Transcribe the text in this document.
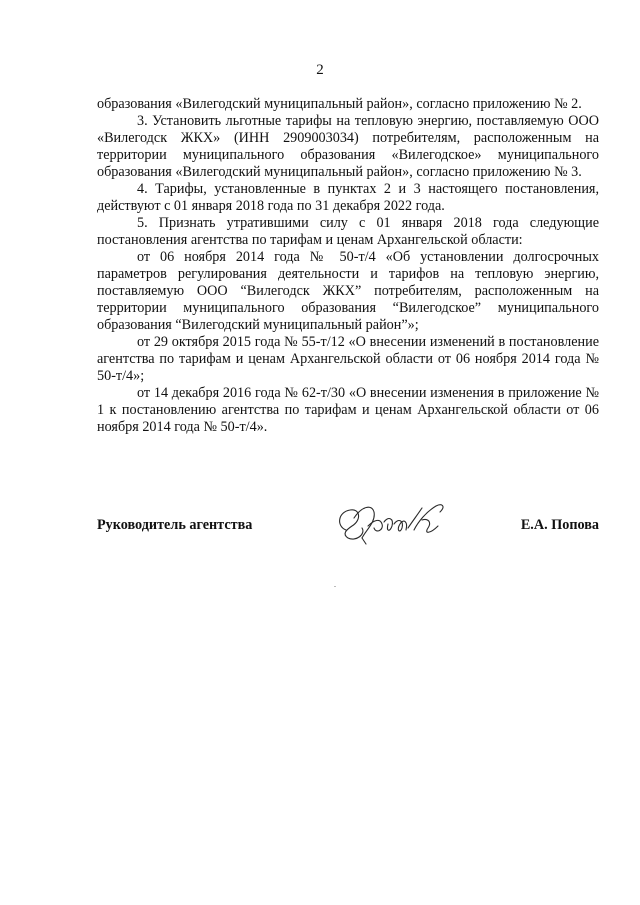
2

образования «Вилегодский муниципальный район», согласно приложению № 2.

3. Установить льготные тарифы на тепловую энергию, поставляемую ООО «Вилегодск ЖКХ» (ИНН 2909003034) потребителям, расположенным на территории муниципального образования «Вилегодское» муниципального образования «Вилегодский муниципальный район», согласно приложению № 3.

4. Тарифы, установленные в пунктах 2 и 3 настоящего постановления, действуют с 01 января 2018 года по 31 декабря 2022 года.

5. Признать утратившими силу с 01 января 2018 года следующие постановления агентства по тарифам и ценам Архангельской области:

от 06 ноября 2014 года № 50-т/4 «Об установлении долгосрочных параметров регулирования деятельности и тарифов на тепловую энергию, поставляемую ООО “Вилегодск ЖКХ” потребителям, расположенным на территории муниципального образования “Вилегодское” муниципального образования “Вилегодский муниципальный район”»;

от 29 октября 2015 года № 55-т/12 «О внесении изменений в постановление агентства по тарифам и ценам Архангельской области от 06 ноября 2014 года № 50-т/4»;

от 14 декабря 2016 года № 62-т/30 «О внесении изменения в приложение № 1 к постановлению агентства по тарифам и ценам Архангельской области от 06 ноября 2014 года № 50-т/4».

Руководитель агентства	Е.А. Попова
